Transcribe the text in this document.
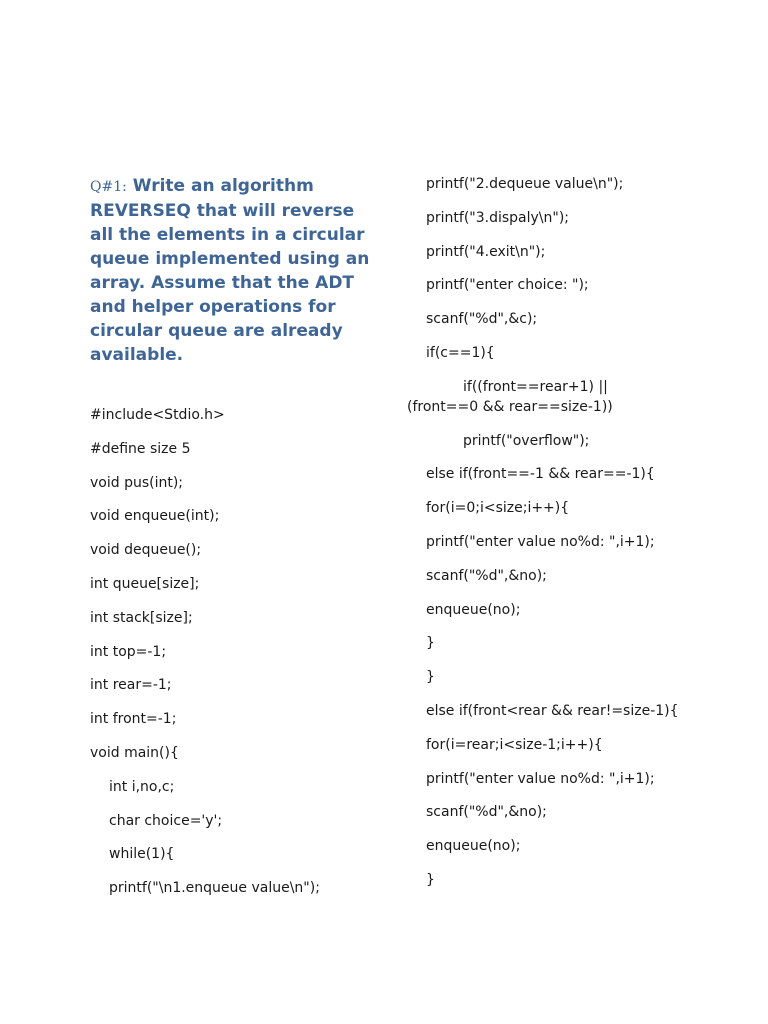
Q#1: Write an algorithm REVERSEQ that will reverse all the elements in a circular queue implemented using an array. Assume that the ADT and helper operations for circular queue are already available.
#include<Stdio.h>
#define size 5
void pus(int);
void enqueue(int);
void dequeue();
int queue[size];
int stack[size];
int top=-1;
int rear=-1;
int front=-1;
void main(){
int i,no,c;
char choice='y';
while(1){
printf("\n1.enqueue value\n");
printf("2.dequeue value\n");
printf("3.dispaly\n");
printf("4.exit\n");
printf("enter choice: ");
scanf("%d",&c);
if(c==1){
if((front==rear+1) || (front==0 && rear==size-1))
printf("overflow");
else if(front==-1 && rear==-1){
for(i=0;i<size;i++){
printf("enter value no%d: ",i+1);
scanf("%d",&no);
enqueue(no);
}
}
else if(front<rear && rear!=size-1){
for(i=rear;i<size-1;i++){
printf("enter value no%d: ",i+1);
scanf("%d",&no);
enqueue(no);
}
